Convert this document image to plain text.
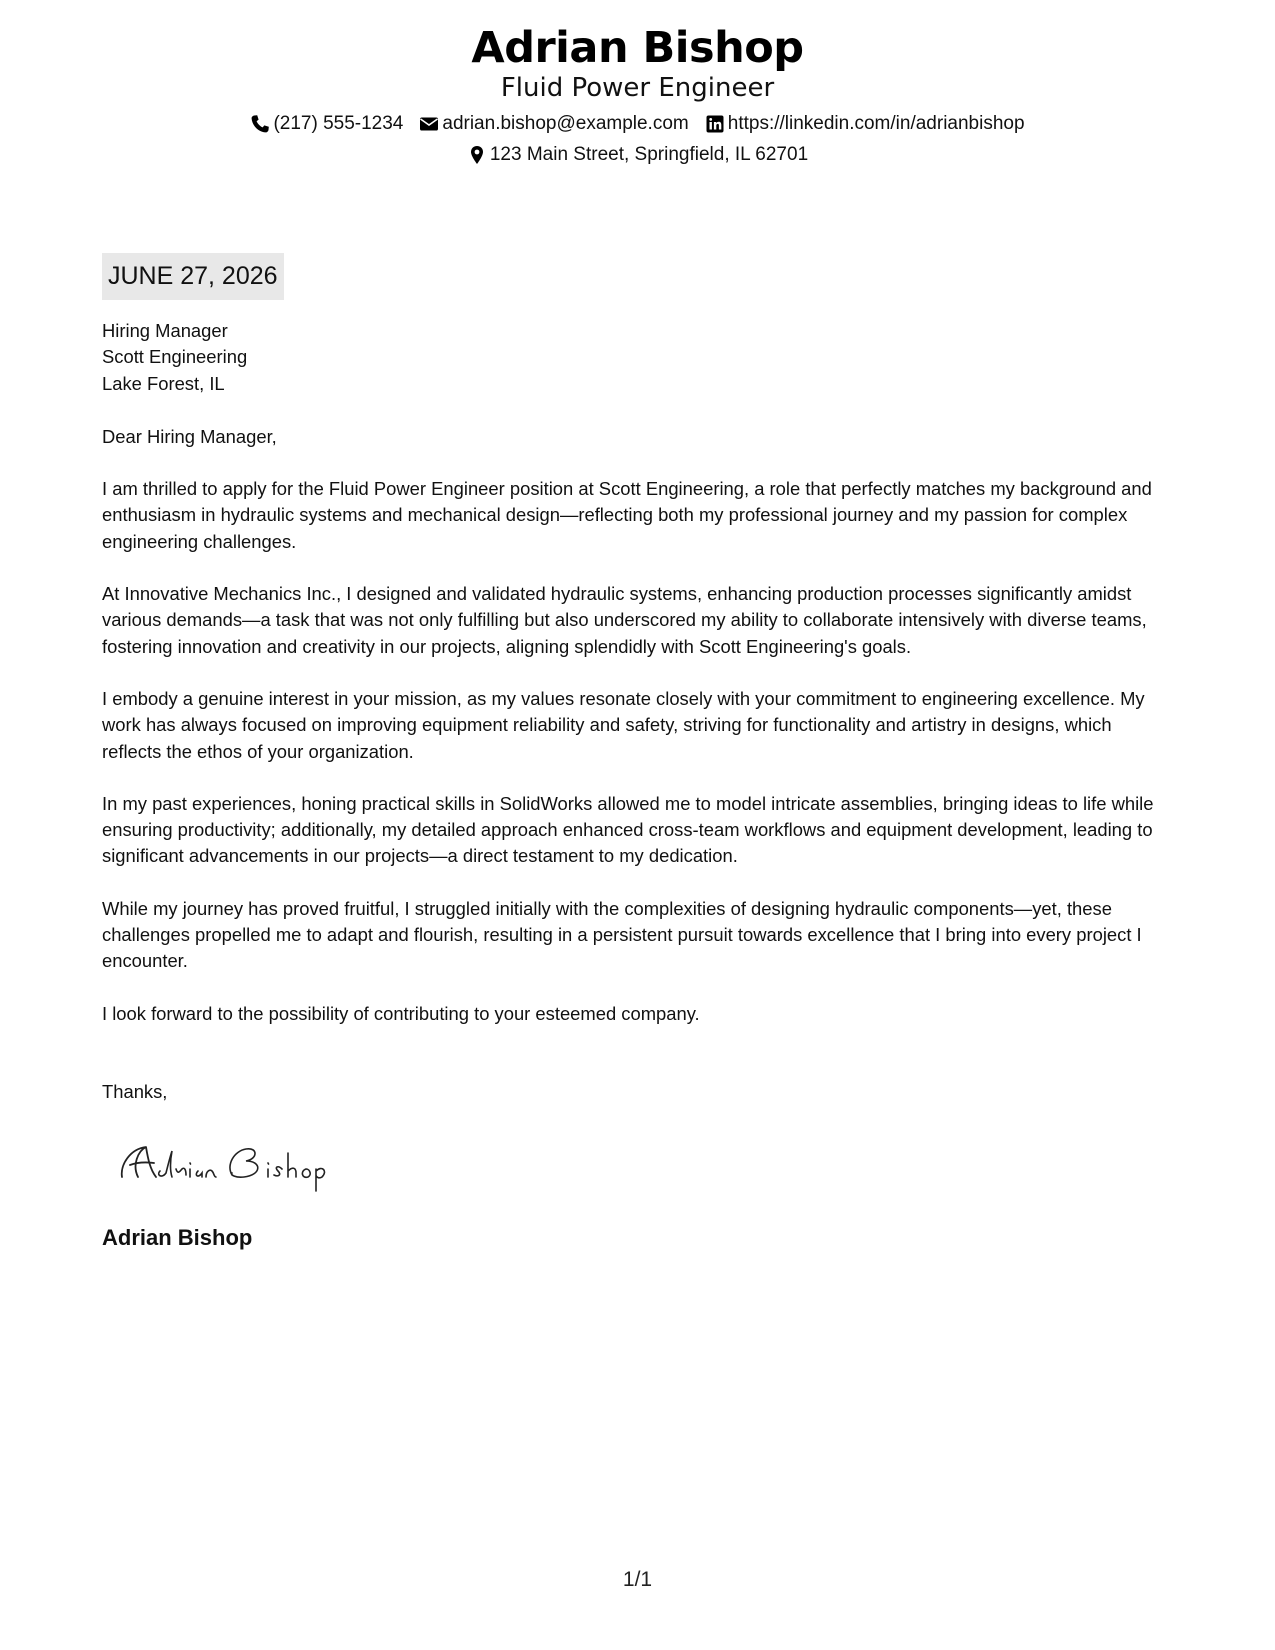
Adrian Bishop
Fluid Power Engineer
(217) 555-1234 adrian.bishop@example.com https://linkedin.com/in/adrianbishop
123 Main Street, Springfield, IL 62701
JUNE 27, 2026
Hiring Manager
Scott Engineering
Lake Forest, IL
Dear Hiring Manager,
I am thrilled to apply for the Fluid Power Engineer position at Scott Engineering, a role that perfectly matches my background and enthusiasm in hydraulic systems and mechanical design—reflecting both my professional journey and my passion for complex engineering challenges.
At Innovative Mechanics Inc., I designed and validated hydraulic systems, enhancing production processes significantly amidst various demands—a task that was not only fulfilling but also underscored my ability to collaborate intensively with diverse teams, fostering innovation and creativity in our projects, aligning splendidly with Scott Engineering's goals.
I embody a genuine interest in your mission, as my values resonate closely with your commitment to engineering excellence. My work has always focused on improving equipment reliability and safety, striving for functionality and artistry in designs, which reflects the ethos of your organization.
In my past experiences, honing practical skills in SolidWorks allowed me to model intricate assemblies, bringing ideas to life while ensuring productivity; additionally, my detailed approach enhanced cross-team workflows and equipment development, leading to significant advancements in our projects—a direct testament to my dedication.
While my journey has proved fruitful, I struggled initially with the complexities of designing hydraulic components—yet, these challenges propelled me to adapt and flourish, resulting in a persistent pursuit towards excellence that I bring into every project I encounter.
I look forward to the possibility of contributing to your esteemed company.
Thanks,
Adrian Bishop
1/1
